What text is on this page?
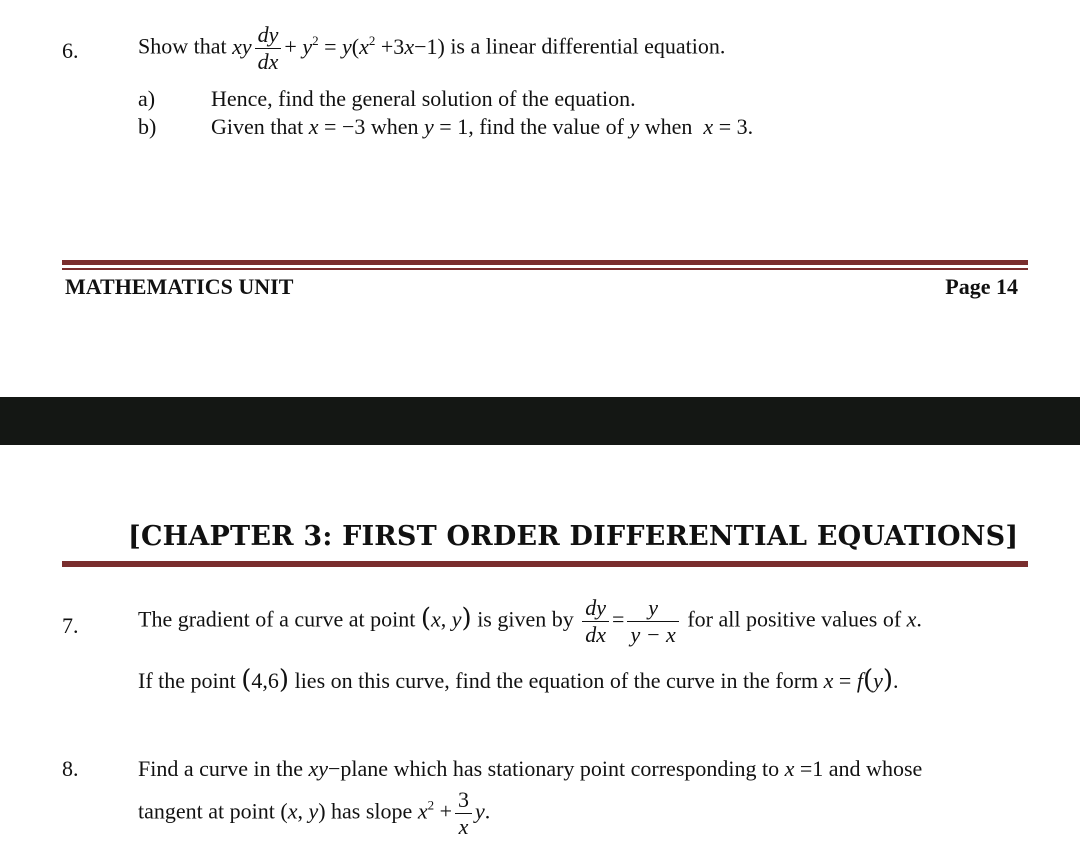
6.	Show that xy $\frac{dy}{dx} + y^2 = y(x^2 +3x-1)$ is a linear differential equation.
a)	Hence, find the general solution of the equation.
b) Given that x = −3 when y = 1, find the value of y when x = 3.
MATHEMATICS UNIT	Page 14
[CHAPTER 3: FIRST ORDER DIFFERENTIAL EQUATIONS]
7.	The gradient of a curve at point (x, y) is given by $\frac{dy}{dx} = \frac{y}{y - x}$ for all positive values of x.
If the point (4,6) lies on this curve, find the equation of the curve in the form x = f(y).
8.	Find a curve in the xy−plane which has stationary point corresponding to x =1 and whose
tangent at point (x, y) has slope $x^2 + \frac{3}{x} y$.
